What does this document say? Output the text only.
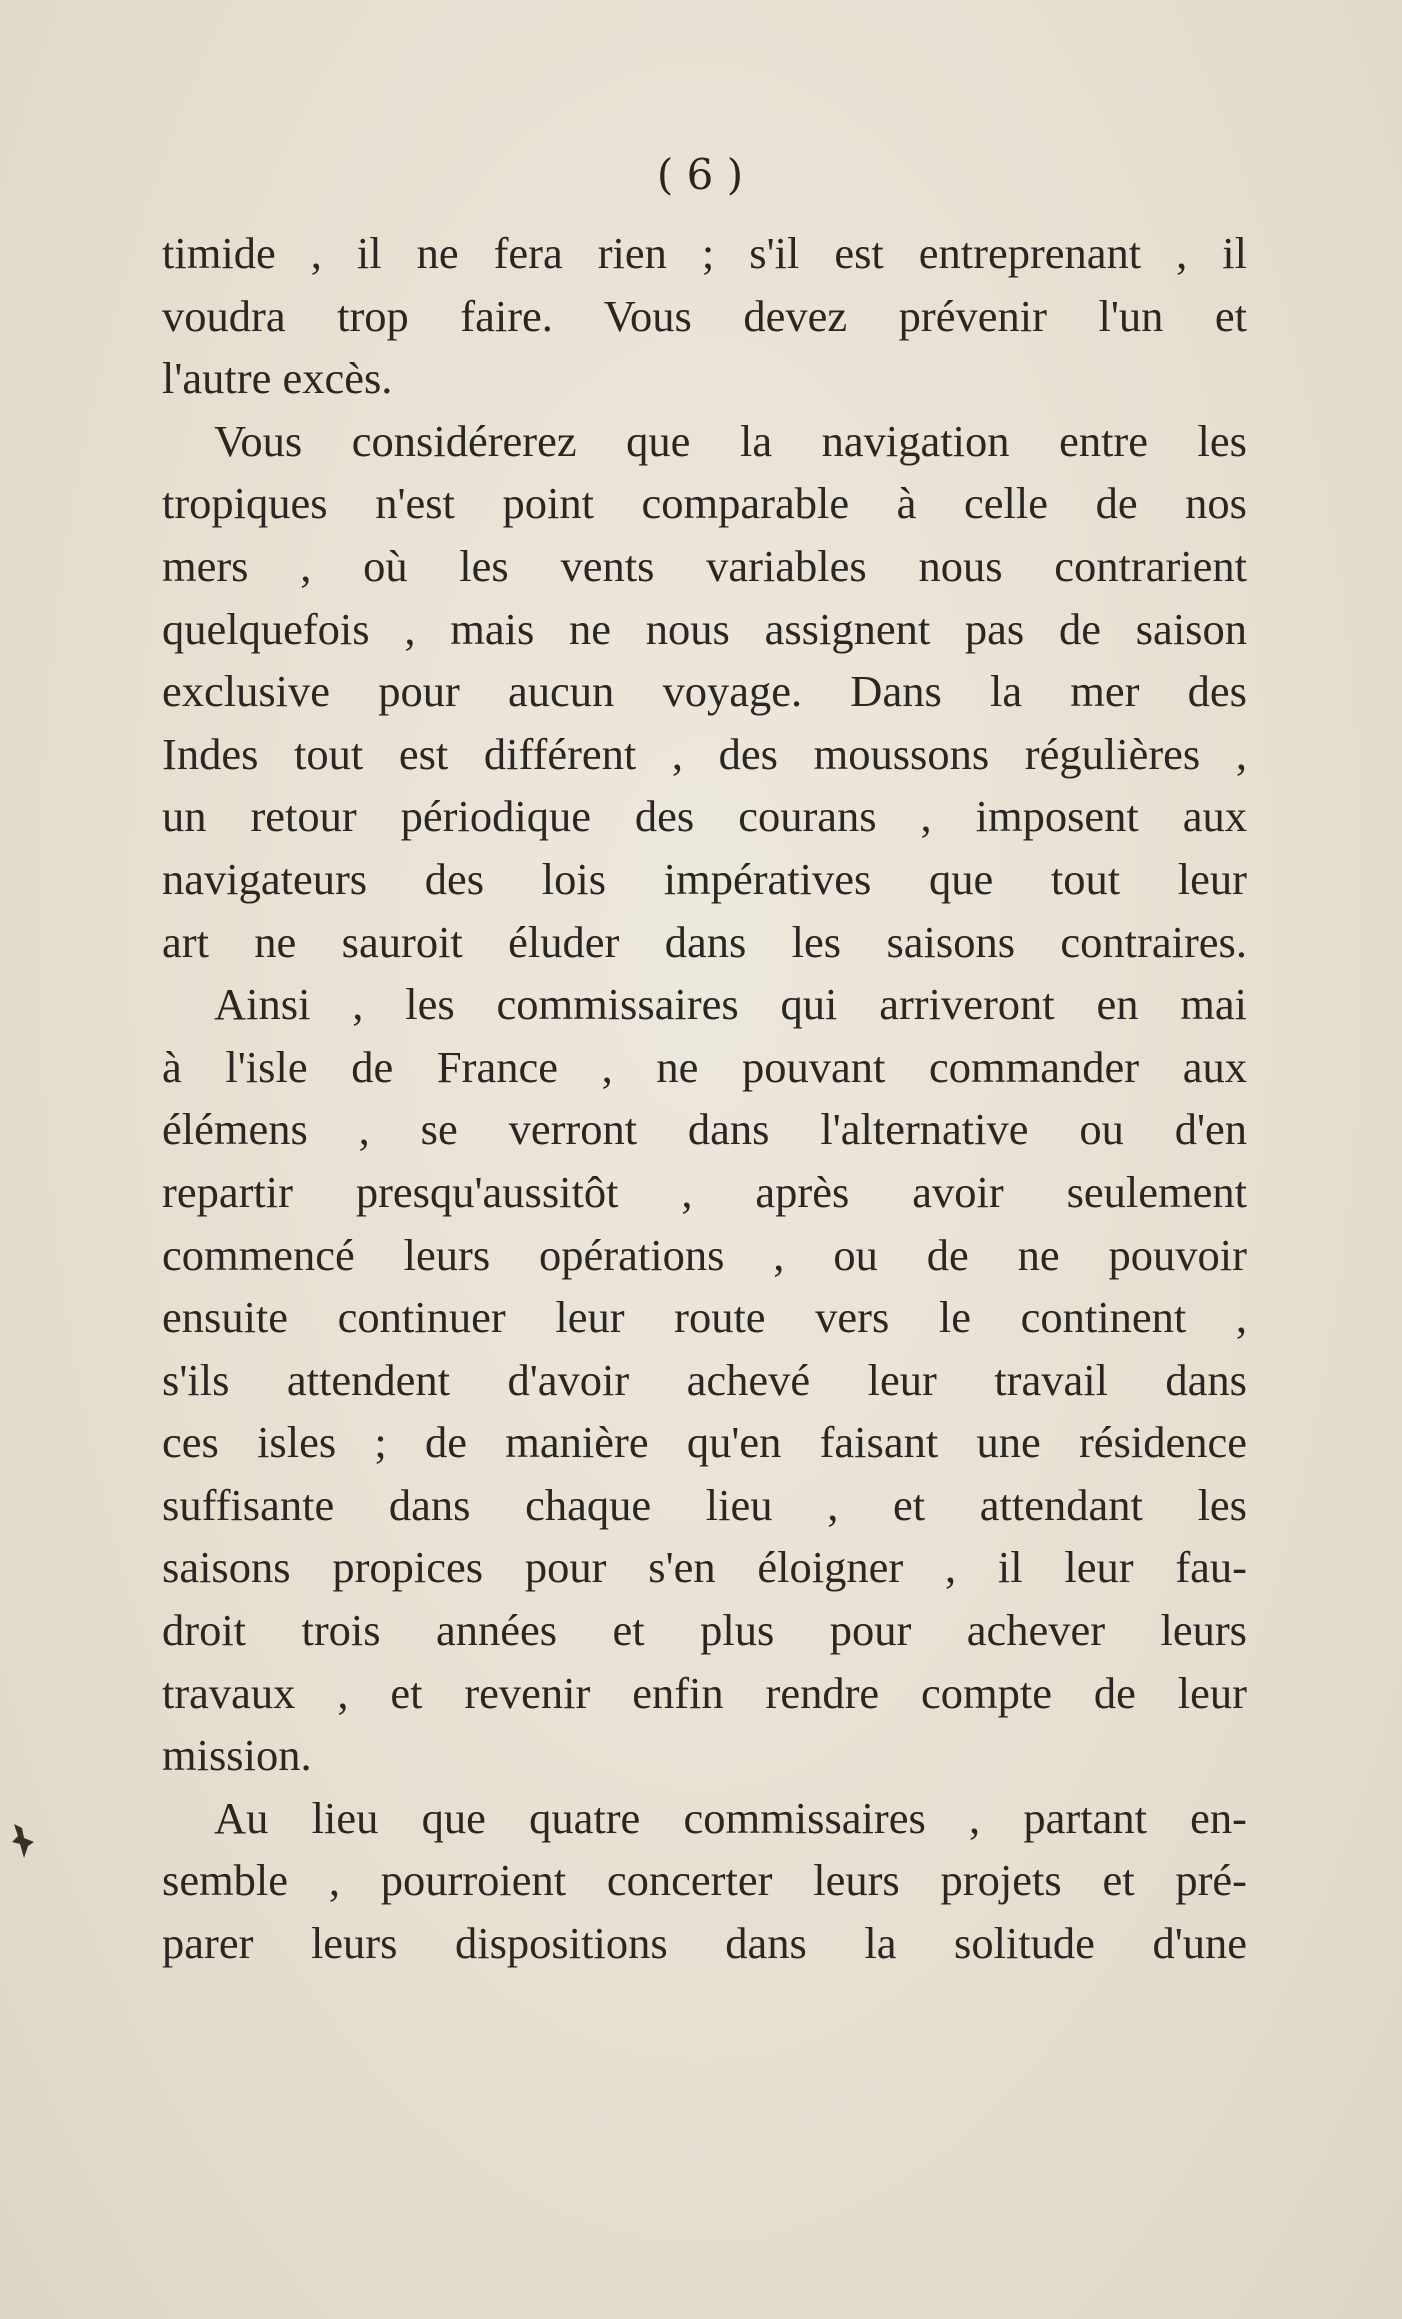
( 6 )
timide , il ne fera rien ; s'il est entreprenant , il
voudra trop faire. Vous devez prévenir l'un et
l'autre excès.
Vous considérerez que la navigation entre les
tropiques n'est point comparable à celle de nos
mers , où les vents variables nous contrarient
quelquefois , mais ne nous assignent pas de saison
exclusive pour aucun voyage. Dans la mer des
Indes tout est différent , des moussons régulières ,
un retour périodique des courans , imposent aux
navigateurs des lois impératives que tout leur
art ne sauroit éluder dans les saisons contraires.
Ainsi , les commissaires qui arriveront en mai
à l'isle de France , ne pouvant commander aux
élémens , se verront dans l'alternative ou d'en
repartir presqu'aussitôt , après avoir seulement
commencé leurs opérations , ou de ne pouvoir
ensuite continuer leur route vers le continent ,
s'ils attendent d'avoir achevé leur travail dans
ces isles ; de manière qu'en faisant une résidence
suffisante dans chaque lieu , et attendant les
saisons propices pour s'en éloigner , il leur fau-
droit trois années et plus pour achever leurs
travaux , et revenir enfin rendre compte de leur
mission.
Au lieu que quatre commissaires , partant en-
semble , pourroient concerter leurs projets et pré-
parer leurs dispositions dans la solitude d'une
